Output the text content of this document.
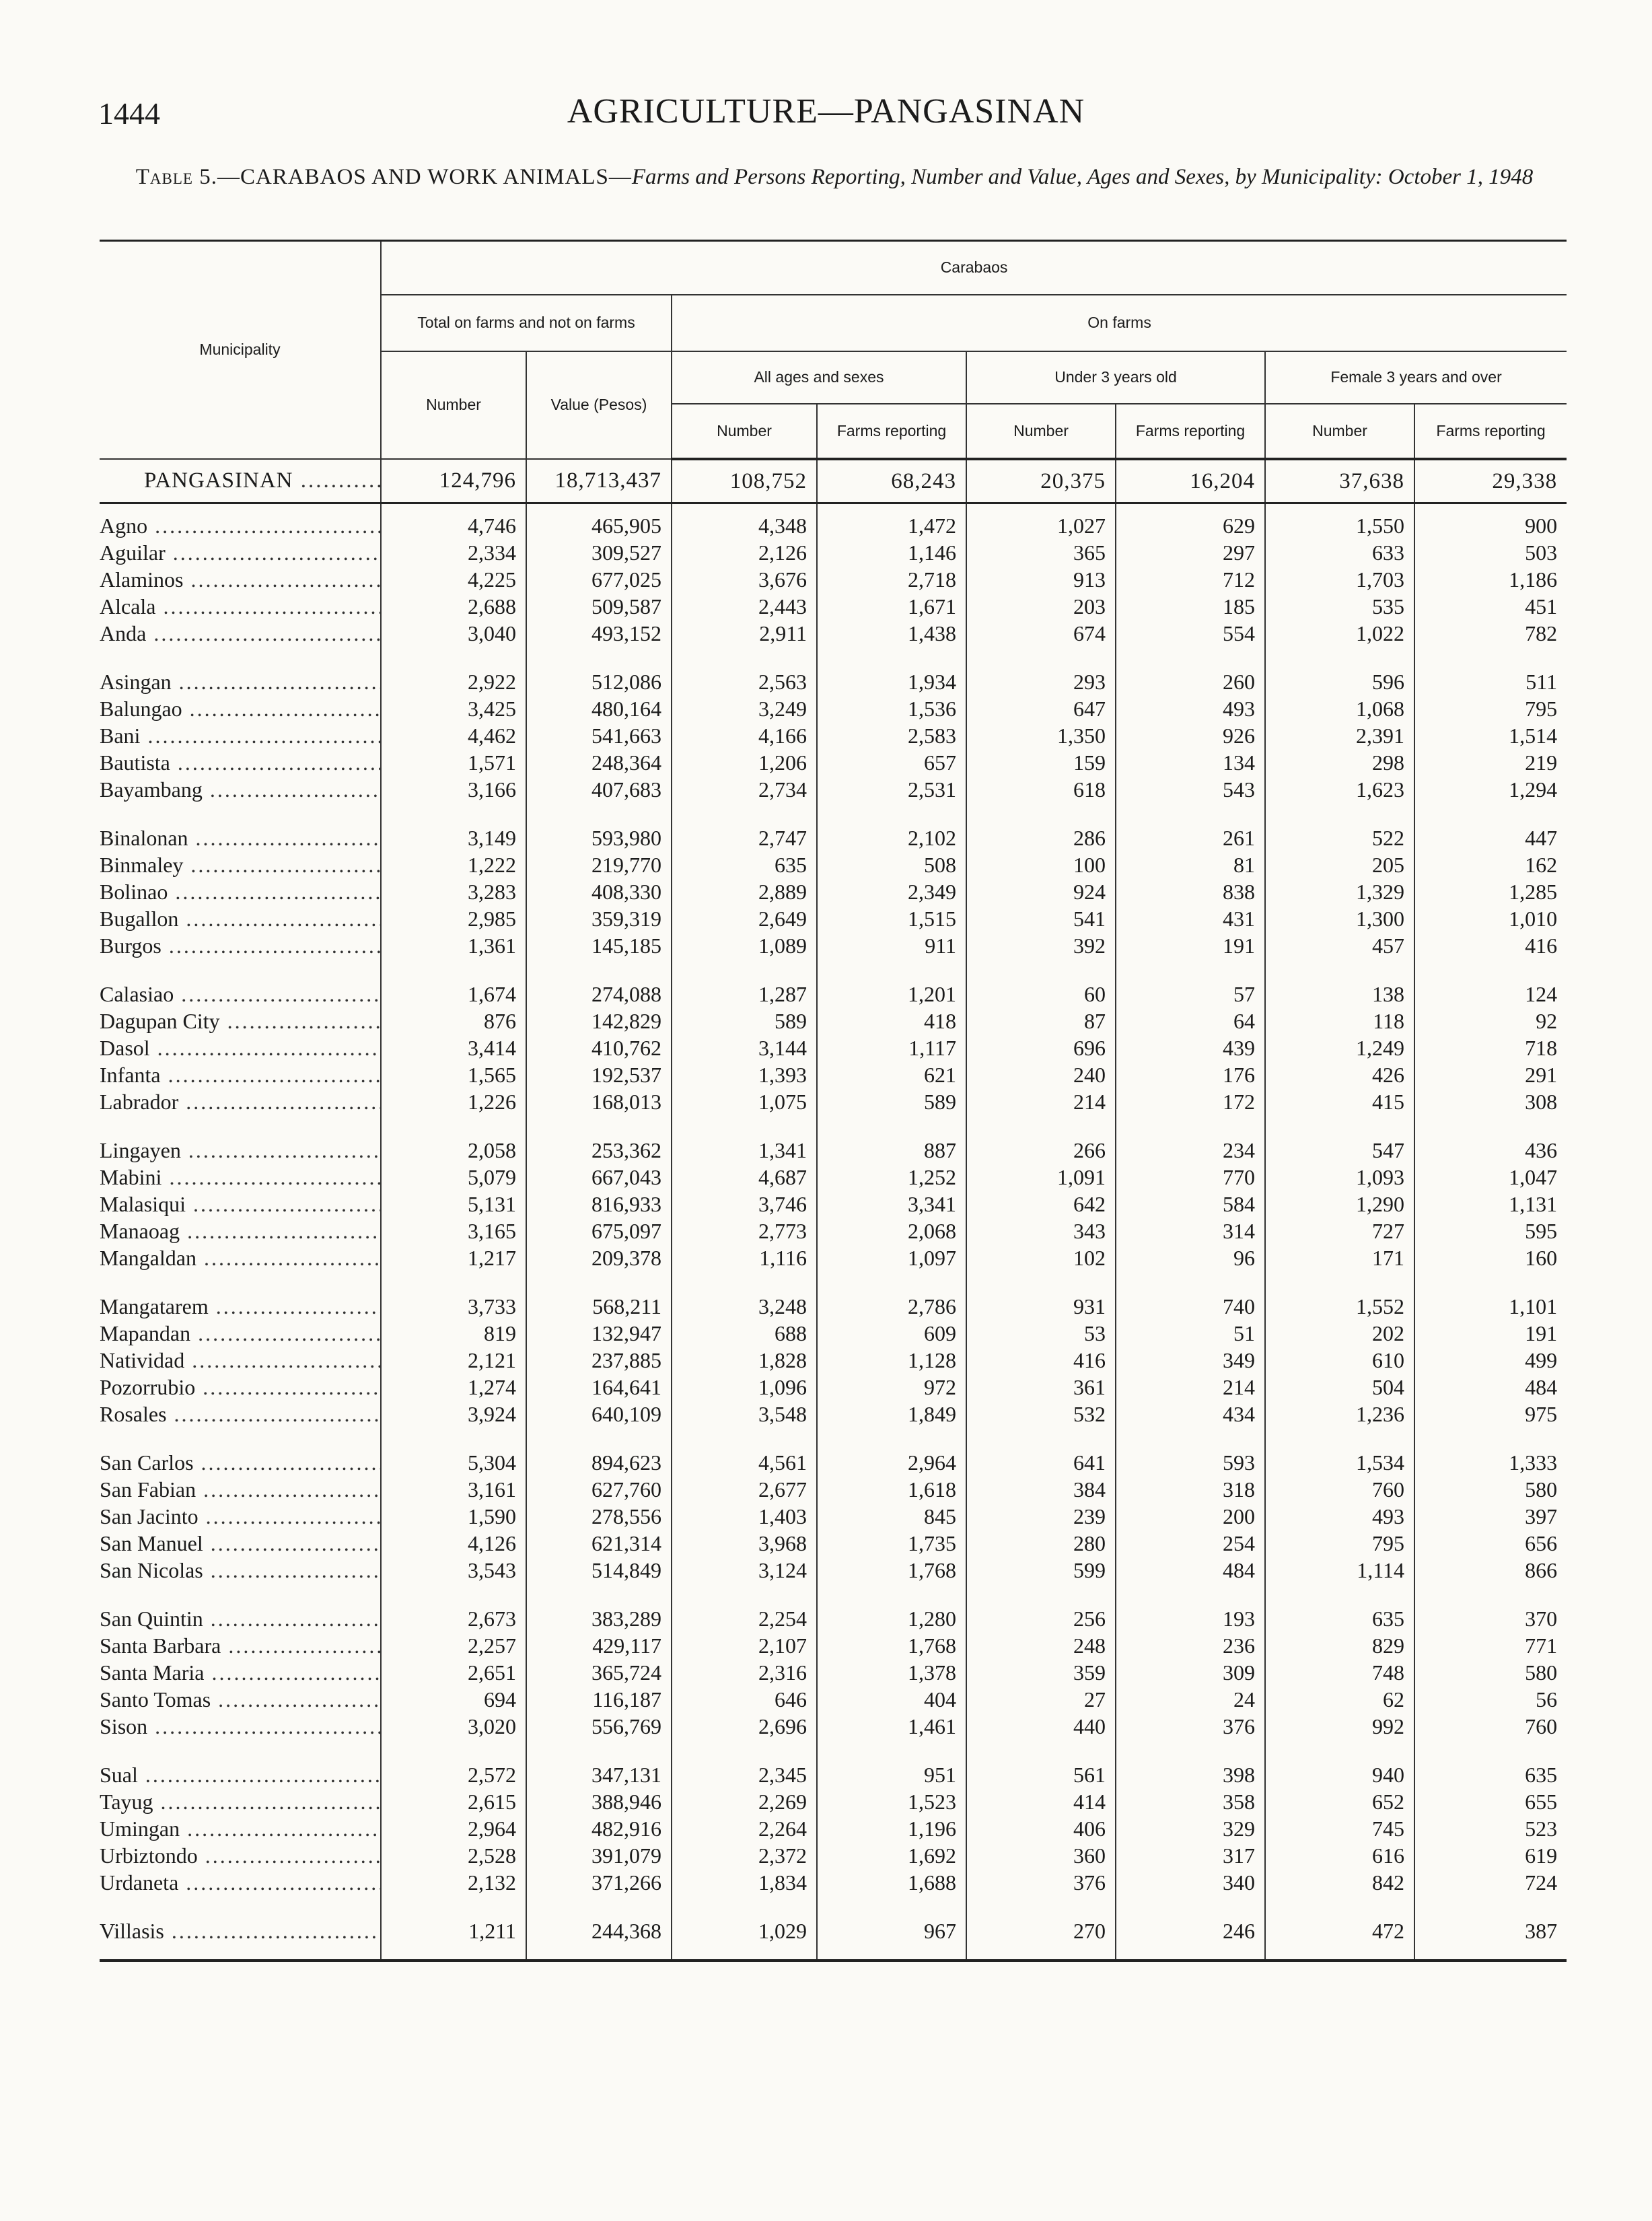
1444	AGRICULTURE—PANGASINAN
Table 5.—CARABAOS AND WORK ANIMALS—Farms and Persons Reporting, Number and Value, Ages and Sexes, by Municipality: October 1, 1948
Municipality	Carabaos							
	Total on farms and not on farms		On farms					
	Number	Value (Pesos)	All ages and sexes		Under 3 years old		Female 3 years and over	
			Number	Farms reporting	Number	Farms reporting	Number	Farms reporting
PANGASINAN .....	124,796	18,713,437	108,752	68,243	20,375	16,204	37,638	29,338
Agno .....	4,746	465,905	4,348	1,472	1,027	629	1,550	900
Aguilar .....	2,334	309,527	2,126	1,146	365	297	633	503
Alaminos .....	4,225	677,025	3,676	2,718	913	712	1,703	1,186
Alcala .....	2,688	509,587	2,443	1,671	203	185	535	451
Anda .....	3,040	493,152	2,911	1,438	674	554	1,022	782
Asingan .....	2,922	512,086	2,563	1,934	293	260	596	511
Balungao .....	3,425	480,164	3,249	1,536	647	493	1,068	795
Bani .....	4,462	541,663	4,166	2,583	1,350	926	2,391	1,514
Bautista .....	1,571	248,364	1,206	657	159	134	298	219
Bayambang .....	3,166	407,683	2,734	2,531	618	543	1,623	1,294
Binalonan .....	3,149	593,980	2,747	2,102	286	261	522	447
Binmaley .....	1,222	219,770	635	508	100	81	205	162
Bolinao .....	3,283	408,330	2,889	2,349	924	838	1,329	1,285
Bugallon .....	2,985	359,319	2,649	1,515	541	431	1,300	1,010
Burgos .....	1,361	145,185	1,089	911	392	191	457	416
Calasiao .....	1,674	274,088	1,287	1,201	60	57	138	124
Dagupan City .....	876	142,829	589	418	87	64	118	92
Dasol .....	3,414	410,762	3,144	1,117	696	439	1,249	718
Infanta .....	1,565	192,537	1,393	621	240	176	426	291
Labrador .....	1,226	168,013	1,075	589	214	172	415	308
Lingayen .....	2,058	253,362	1,341	887	266	234	547	436
Mabini .....	5,079	667,043	4,687	1,252	1,091	770	1,093	1,047
Malasiqui .....	5,131	816,933	3,746	3,341	642	584	1,290	1,131
Manaoag .....	3,165	675,097	2,773	2,068	343	314	727	595
Mangaldan .....	1,217	209,378	1,116	1,097	102	96	171	160
Mangatarem .....	3,733	568,211	3,248	2,786	931	740	1,552	1,101
Mapandan .....	819	132,947	688	609	53	51	202	191
Natividad .....	2,121	237,885	1,828	1,128	416	349	610	499
Pozorrubio .....	1,274	164,641	1,096	972	361	214	504	484
Rosales .....	3,924	640,109	3,548	1,849	532	434	1,236	975
San Carlos .....	5,304	894,623	4,561	2,964	641	593	1,534	1,333
San Fabian .....	3,161	627,760	2,677	1,618	384	318	760	580
San Jacinto .....	1,590	278,556	1,403	845	239	200	493	397
San Manuel .....	4,126	621,314	3,968	1,735	280	254	795	656
San Nicolas .....	3,543	514,849	3,124	1,768	599	484	1,114	866
San Quintin .....	2,673	383,289	2,254	1,280	256	193	635	370
Santa Barbara .....	2,257	429,117	2,107	1,768	248	236	829	771
Santa Maria .....	2,651	365,724	2,316	1,378	359	309	748	580
Santo Tomas .....	694	116,187	646	404	27	24	62	56
Sison .....	3,020	556,769	2,696	1,461	440	376	992	760
Sual .....	2,572	347,131	2,345	951	561	398	940	635
Tayug .....	2,615	388,946	2,269	1,523	414	358	652	655
Umingan .....	2,964	482,916	2,264	1,196	406	329	745	523
Urbiztondo .....	2,528	391,079	2,372	1,692	360	317	616	619
Urdaneta .....	2,132	371,266	1,834	1,688	376	340	842	724
Villasis .....	1,211	244,368	1,029	967	270	246	472	387
